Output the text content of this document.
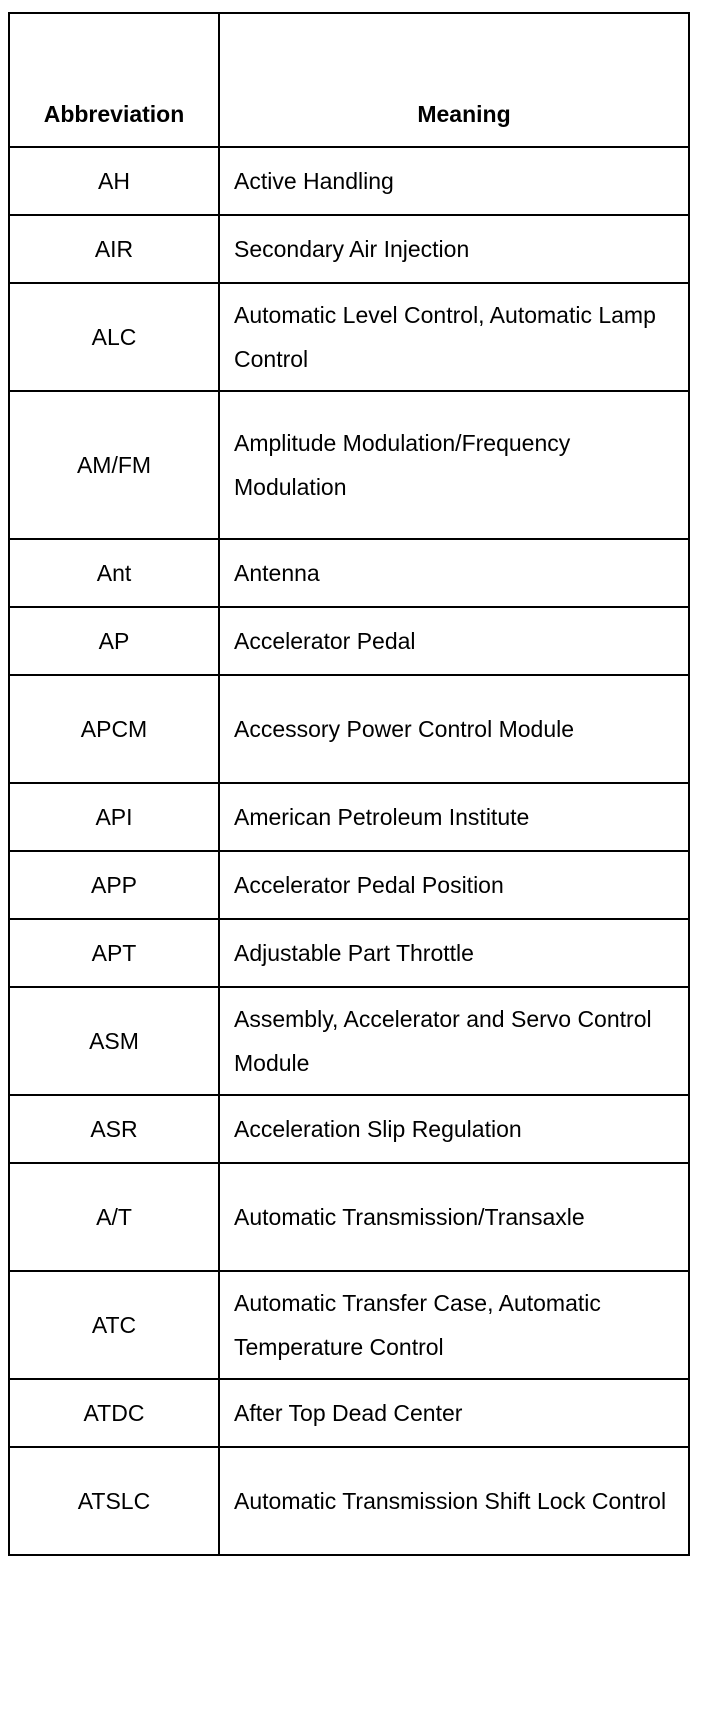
Abbreviation	Meaning
AH	Active Handling
AIR	Secondary Air Injection
ALC	Automatic Level Control, Automatic Lamp Control
AM/FM	Amplitude Modulation/Frequency Modulation
Ant	Antenna
AP	Accelerator Pedal
APCM	Accessory Power Control Module
API	American Petroleum Institute
APP	Accelerator Pedal Position
APT	Adjustable Part Throttle
ASM	Assembly, Accelerator and Servo Control Module
ASR	Acceleration Slip Regulation
A/T	Automatic Transmission/Transaxle
ATC	Automatic Transfer Case, Automatic Temperature Control
ATDC	After Top Dead Center
ATSLC	Automatic Transmission Shift Lock Control
